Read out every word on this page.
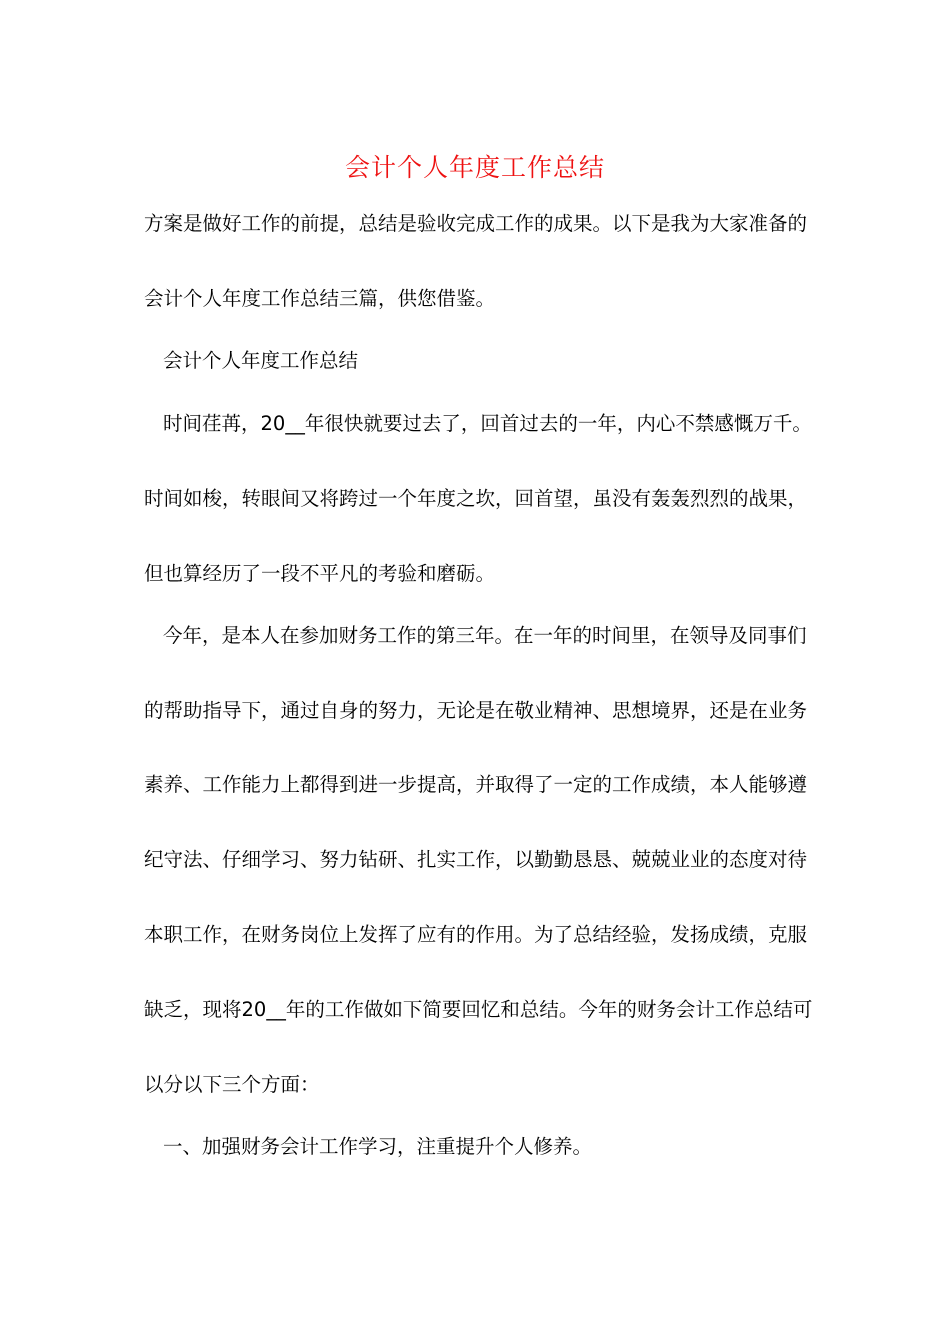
会计个人年度工作总结
方案是做好工作的前提，总结是验收完成工作的成果。以下是我为大家准备的
会计个人年度工作总结三篇，供您借鉴。
会计个人年度工作总结
时间荏苒，20__年很快就要过去了，回首过去的一年，内心不禁感慨万千。
时间如梭，转眼间又将跨过一个年度之坎，回首望，虽没有轰轰烈烈的战果，
但也算经历了一段不平凡的考验和磨砺。
今年，是本人在参加财务工作的第三年。在一年的时间里，在领导及同事们
的帮助指导下，通过自身的努力，无论是在敬业精神、思想境界，还是在业务
素养、工作能力上都得到进一步提高，并取得了一定的工作成绩，本人能够遵
纪守法、仔细学习、努力钻研、扎实工作，以勤勤恳恳、兢兢业业的态度对待
本职工作，在财务岗位上发挥了应有的作用。为了总结经验，发扬成绩，克服
缺乏，现将20__年的工作做如下简要回忆和总结。今年的财务会计工作总结可
以分以下三个方面：
一、加强财务会计工作学习，注重提升个人修养。
